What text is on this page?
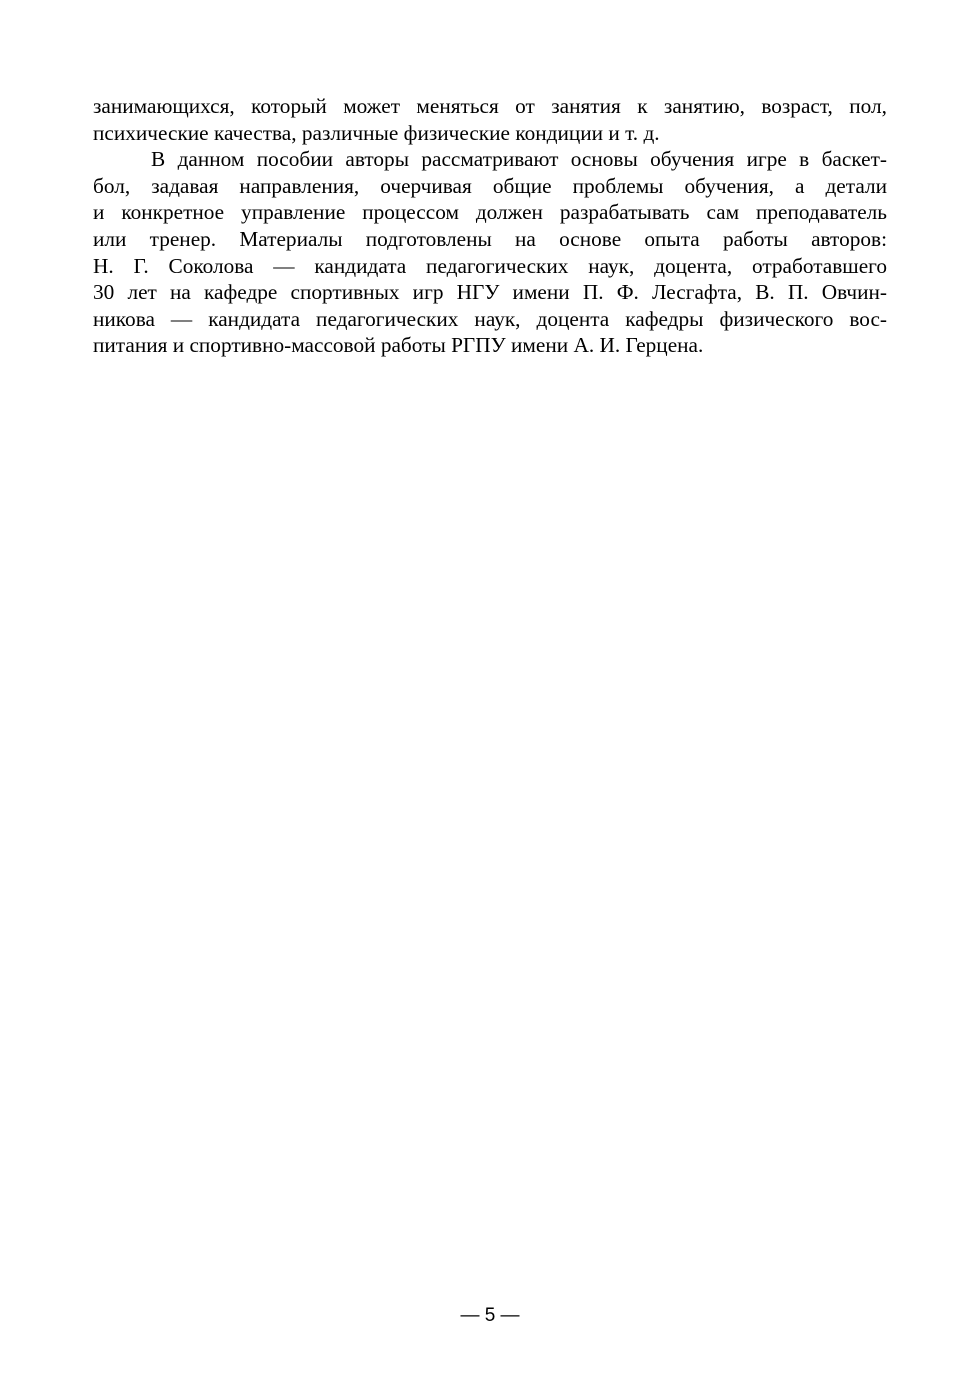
занимающихся, который может меняться от занятия к занятию, возраст, пол,
психические качества, различные физические кондиции и т. д.
В данном пособии авторы рассматривают основы обучения игре в баскет-
бол, задавая направления, очерчивая общие проблемы обучения, а детали
и конкретное управление процессом должен разрабатывать сам преподаватель
или тренер. Материалы подготовлены на основе опыта работы авторов:
Н. Г. Соколова — кандидата педагогических наук, доцента, отработавшего
30 лет на кафедре спортивных игр НГУ имени П. Ф. Лесгафта, В. П. Овчин-
никова — кандидата педагогических наук, доцента кафедры физического вос-
питания и спортивно-массовой работы РГПУ имени А. И. Герцена.
— 5 —
